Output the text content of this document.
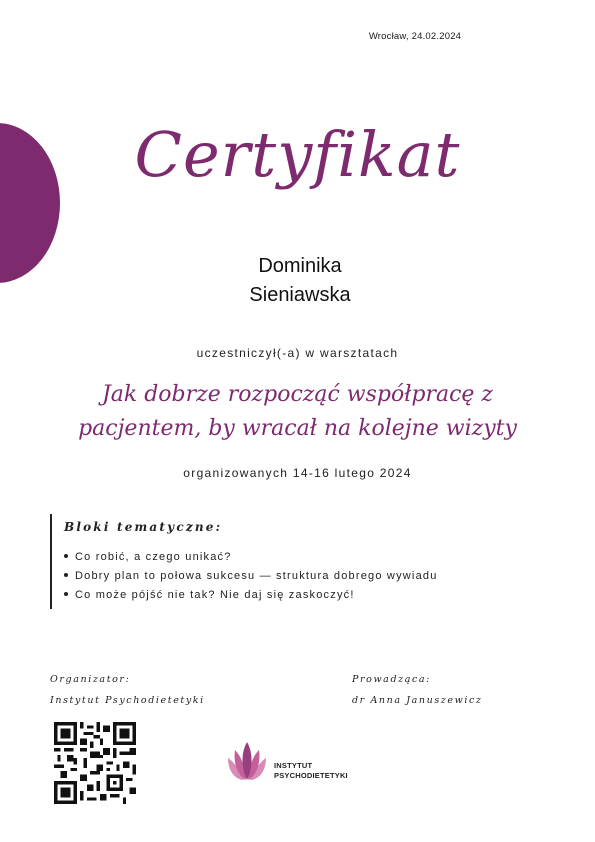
Wrocław, 24.02.2024
Certyfikat
Dominika
Sieniawska
uczestniczył(-a) w warsztatach
Jak dobrze rozpocząć współpracę z
pacjentem, by wracał na kolejne wizyty
organizowanych 14-16 lutego 2024
Bloki tematyczne:
Co robić, a czego unikać?
Dobry plan to połowa sukcesu — struktura dobrego wywiadu
Co może pójść nie tak? Nie daj się zaskoczyć!
Organizator:
Instytut Psychodietetyki
Prowadząca:
dr Anna Januszewicz
INSTYTUT
PSYCHODIETETYKI
